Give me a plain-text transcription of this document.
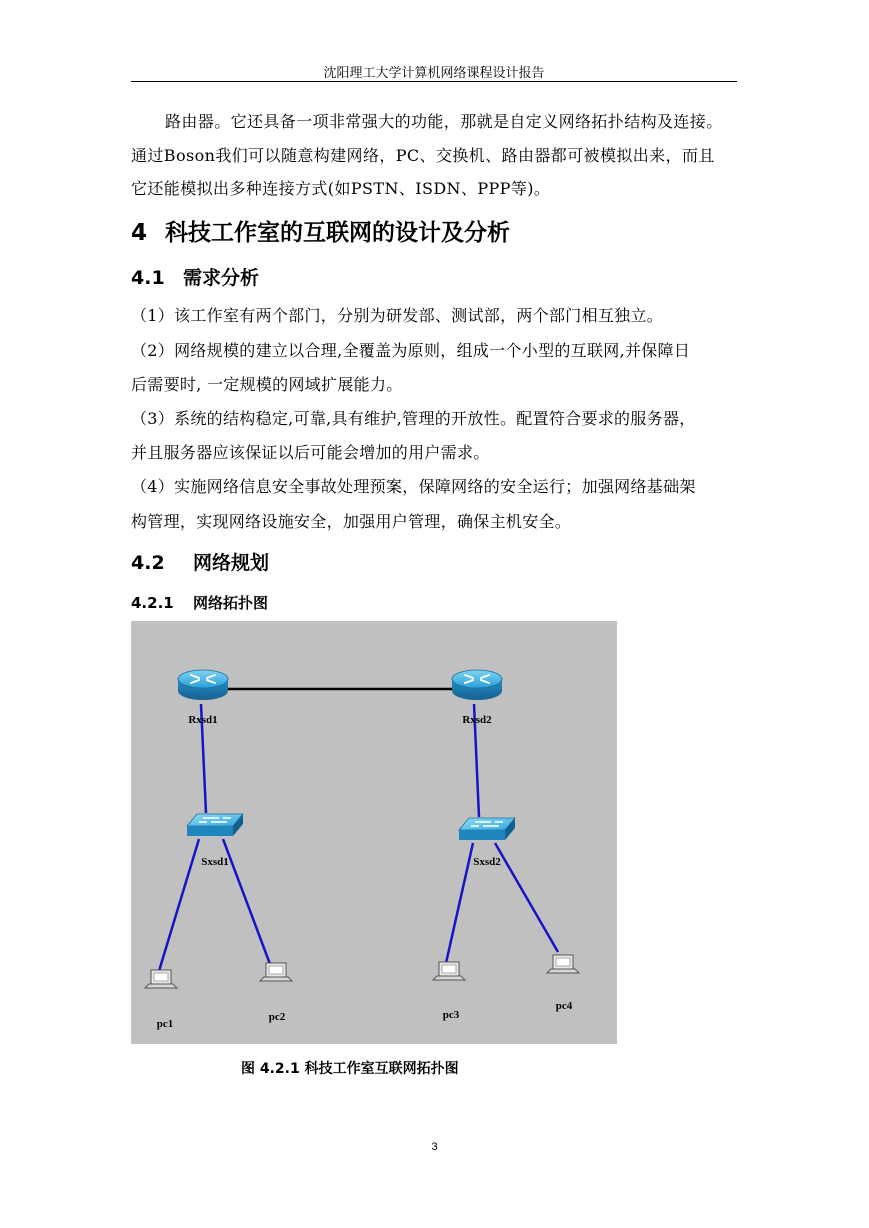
沈阳理工大学计算机网络课程设计报告

路由器。它还具备一项非常强大的功能，那就是自定义网络拓扑结构及连接。

通过Boson我们可以随意构建网络，PC、交换机、路由器都可被模拟出来，而且

它还能模拟出多种连接方式(如PSTN、ISDN、PPP等)。

4 科技工作室的互联网的设计及分析
4.1 需求分析

（1）该工作室有两个部门，分别为研发部、测试部，两个部门相互独立。

（2）网络规模的建立以合理,全覆盖为原则，组成一个小型的互联网,并保障日

后需要时, 一定规模的网域扩展能力。

（3）系统的结构稳定,可靠,具有维护,管理的开放性。配置符合要求的服务器，

并且服务器应该保证以后可能会增加的用户需求。

（4）实施网络信息安全事故处理预案，保障网络的安全运行；加强网络基础架

构管理，实现网络设施安全，加强用户管理，确保主机安全。

4.2 网络规划
4.2.1 网络拓扑图
Rxsd1	Rxsd2
Sxsd1	Sxsd2
pc1
pc2	pc3
pc4
图 4.2.1 科技工作室互联网拓扑图
3
